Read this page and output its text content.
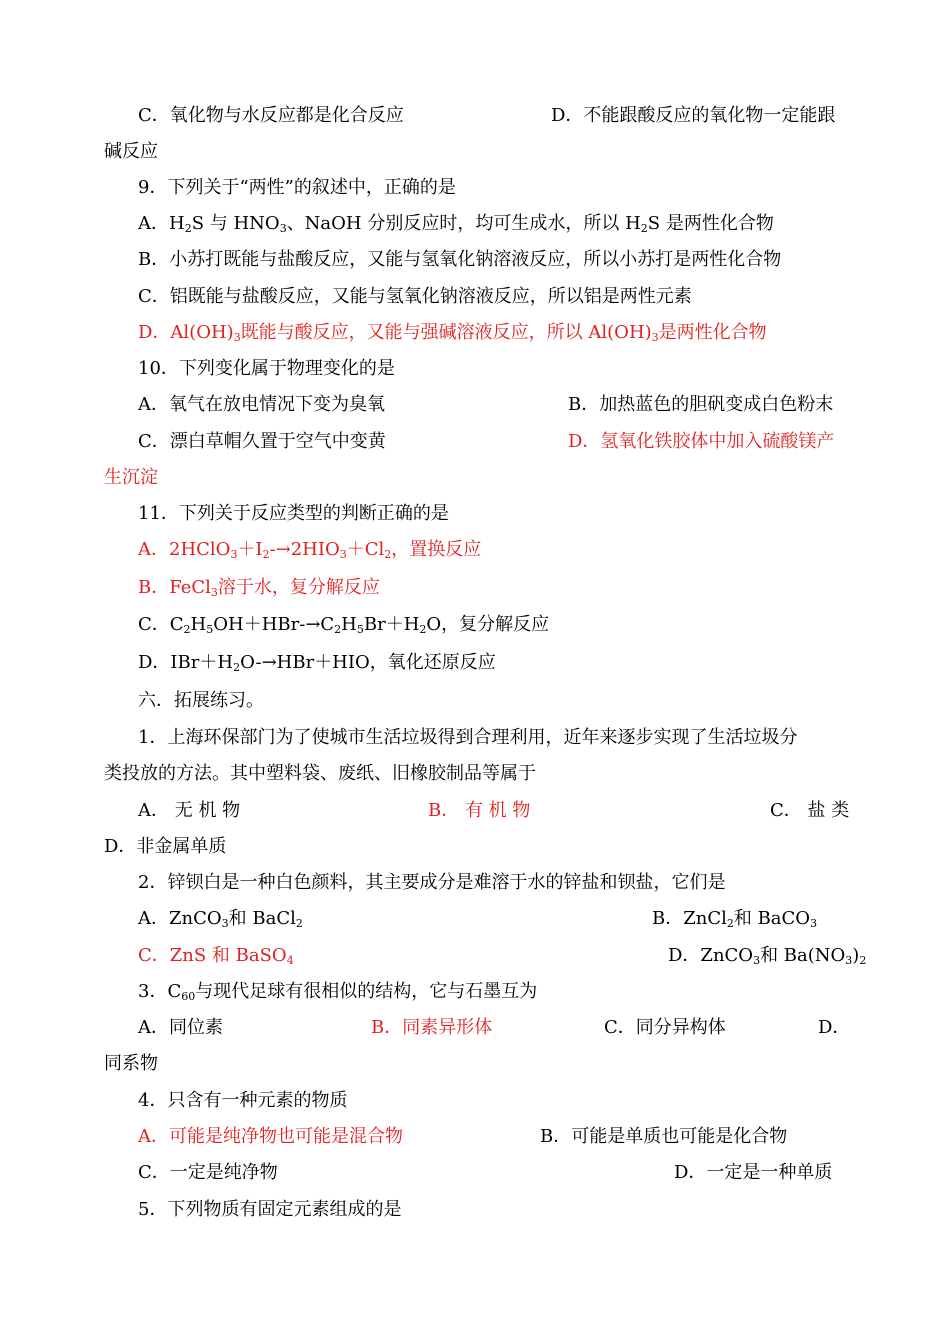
C．氧化物与水反应都是化合反应	D．不能跟酸反应的氧化物一定能跟
碱反应
9．下列关于“两性”的叙述中，正确的是
A．$H_2S$ 与 $HNO_3$、NaOH 分别反应时，均可生成水，所以 $H_2S$ 是两性化合物
B．小苏打既能与盐酸反应，又能与氢氧化钠溶液反应，所以小苏打是两性化合物
C．铝既能与盐酸反应，又能与氢氧化钠溶液反应，所以铝是两性元素
D．$Al(OH)_3$既能与酸反应，又能与强碱溶液反应，所以 $Al(OH)_3$是两性化合物
10．下列变化属于物理变化的是
A．氧气在放电情况下变为臭氧	B．加热蓝色的胆矾变成白色粉末
C．漂白草帽久置于空气中变黄	D．氢氧化铁胶体中加入硫酸镁产
生沉淀
11．下列关于反应类型的判断正确的是
A．$2HClO_3+I_2-\to 2HIO_3+Cl_2$，置换反应
B．FeCl$_3$溶于水，复分解反应
C．$C_2H_5OH+HBr-\to C_2H_5Br+H_2O$，复分解反应
D．$IBr+H_2O-\to HBr+HIO$，氧化还原反应
六．拓展练习。
1．上海环保部门为了使城市生活垃圾得到合理利用，近年来逐步实现了生活垃圾分
类投放的方法。其中塑料袋、废纸、旧橡胶制品等属于
A． 无 机 物	B． 有 机 物	C． 盐 类
D．非金属单质
2．锌钡白是一种白色颜料，其主要成分是难溶于水的锌盐和钡盐，它们是
A．ZnCO$_3$和 BaCl$_2$	B．ZnCl$_2$和 BaCO$_3$
C．ZnS 和 BaSO$_4$	D．ZnCO$_3$和 $Ba(NO_3)_2$
3．$C_{60}$与现代足球有很相似的结构，它与石墨互为
A．同位素	B．同素异形体	C．同分异构体	D．
同系物
4．只含有一种元素的物质
A．可能是纯净物也可能是混合物	B．可能是单质也可能是化合物
C．一定是纯净物	D．一定是一种单质
5．下列物质有固定元素组成的是
